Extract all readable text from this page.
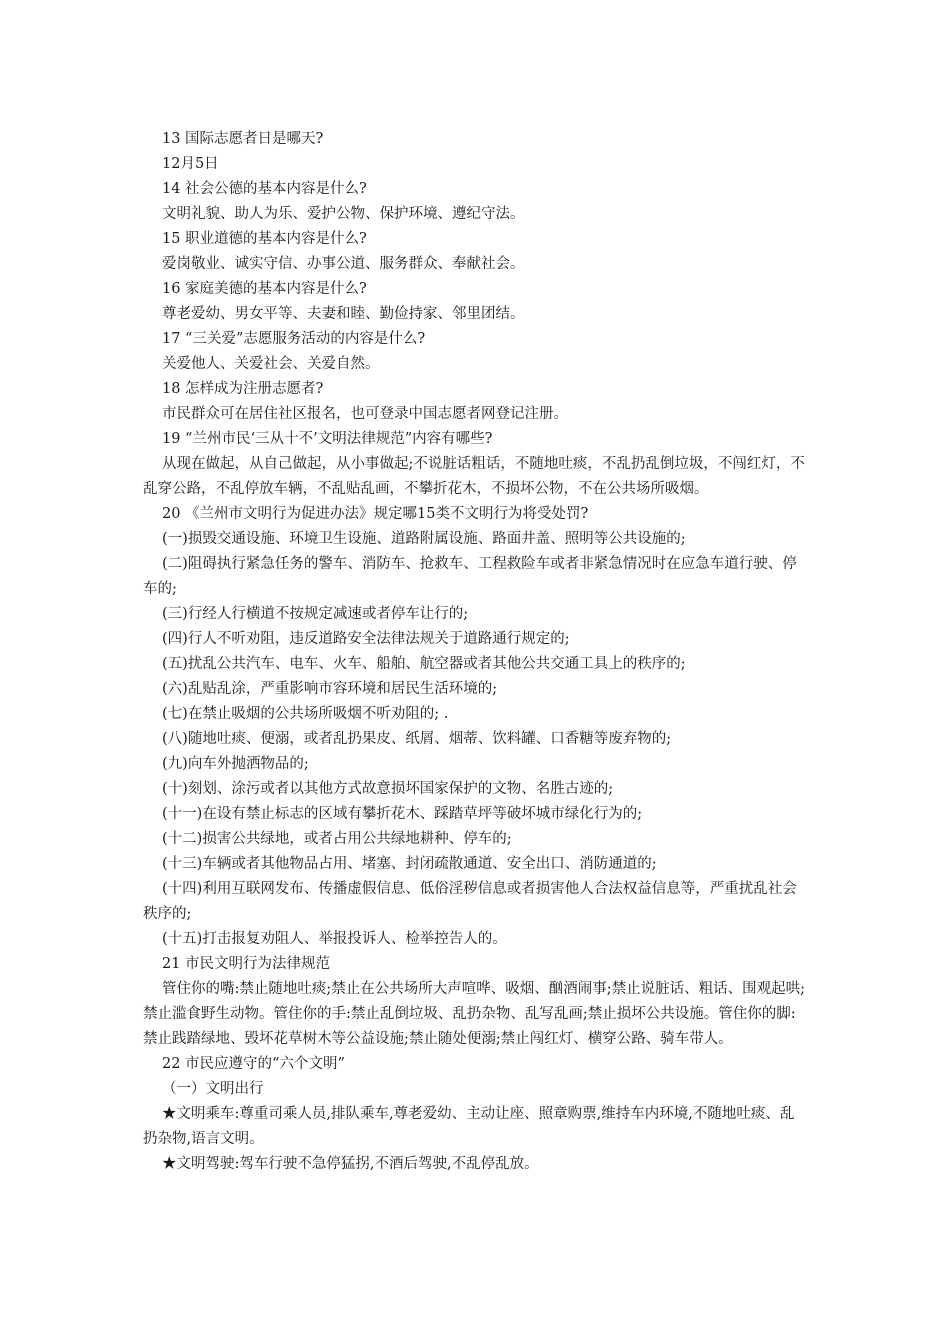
13 国际志愿者日是哪天?

12月5日

14 社会公德的基本内容是什么?

文明礼貌、助人为乐、爱护公物、保护环境、遵纪守法。

15 职业道德的基本内容是什么?

爱岗敬业、诚实守信、办事公道、服务群众、奉献社会。

16 家庭美德的基本内容是什么?

尊老爱幼、男女平等、夫妻和睦、勤俭持家、邻里团结。

17 “三关爱”志愿服务活动的内容是什么?

关爱他人、关爱社会、关爱自然。

18 怎样成为注册志愿者?

市民群众可在居住社区报名，也可登录中国志愿者网登记注册。

19 “兰州市民‘三从十不’文明法律规范”内容有哪些?

从现在做起，从自己做起，从小事做起;不说脏话粗话，不随地吐痰，不乱扔乱倒垃圾，不闯红灯，不乱穿公路，不乱停放车辆，不乱贴乱画，不攀折花木，不损坏公物，不在公共场所吸烟。

20 《兰州市文明行为促进办法》规定哪15类不文明行为将受处罚?

(一)损毁交通设施、环境卫生设施、道路附属设施、路面井盖、照明等公共设施的;

(二)阻碍执行紧急任务的警车、消防车、抢救车、工程救险车或者非紧急情况时在应急车道行驶、停车的;

(三)行经人行横道不按规定减速或者停车让行的;

(四)行人不听劝阻，违反道路安全法律法规关于道路通行规定的;

(五)扰乱公共汽车、电车、火车、船舶、航空器或者其他公共交通工具上的秩序的;

(六)乱贴乱涂，严重影响市容环境和居民生活环境的;

(七)在禁止吸烟的公共场所吸烟不听劝阻的; .

(八)随地吐痰、便溺，或者乱扔果皮、纸屑、烟蒂、饮料罐、口香糖等废弃物的;

(九)向车外抛洒物品的;

(十)刻划、涂污或者以其他方式故意损坏国家保护的文物、名胜古迹的;

(十一)在设有禁止标志的区域有攀折花木、踩踏草坪等破坏城市绿化行为的;

(十二)损害公共绿地，或者占用公共绿地耕种、停车的;

(十三)车辆或者其他物品占用、堵塞、封闭疏散通道、安全出口、消防通道的;

(十四)利用互联网发布、传播虚假信息、低俗淫秽信息或者损害他人合法权益信息等，严重扰乱社会秩序的;

(十五)打击报复劝阻人、举报投诉人、检举控告人的。

21 市民文明行为法律规范

管住你的嘴:禁止随地吐痰;禁止在公共场所大声喧哗、吸烟、酗酒闹事;禁止说脏话、粗话、围观起哄;禁止滥食野生动物。管住你的手:禁止乱倒垃圾、乱扔杂物、乱写乱画;禁止损坏公共设施。管住你的脚:禁止践踏绿地、毁坏花草树木等公益设施;禁止随处便溺;禁止闯红灯、横穿公路、骑车带人。

22 市民应遵守的“六个文明”

（一）文明出行

★文明乘车:尊重司乘人员,排队乘车,尊老爱幼、主动让座、照章购票,维持车内环境,不随地吐痰、乱扔杂物,语言文明。

★文明驾驶:驾车行驶不急停猛拐,不酒后驾驶,不乱停乱放。
